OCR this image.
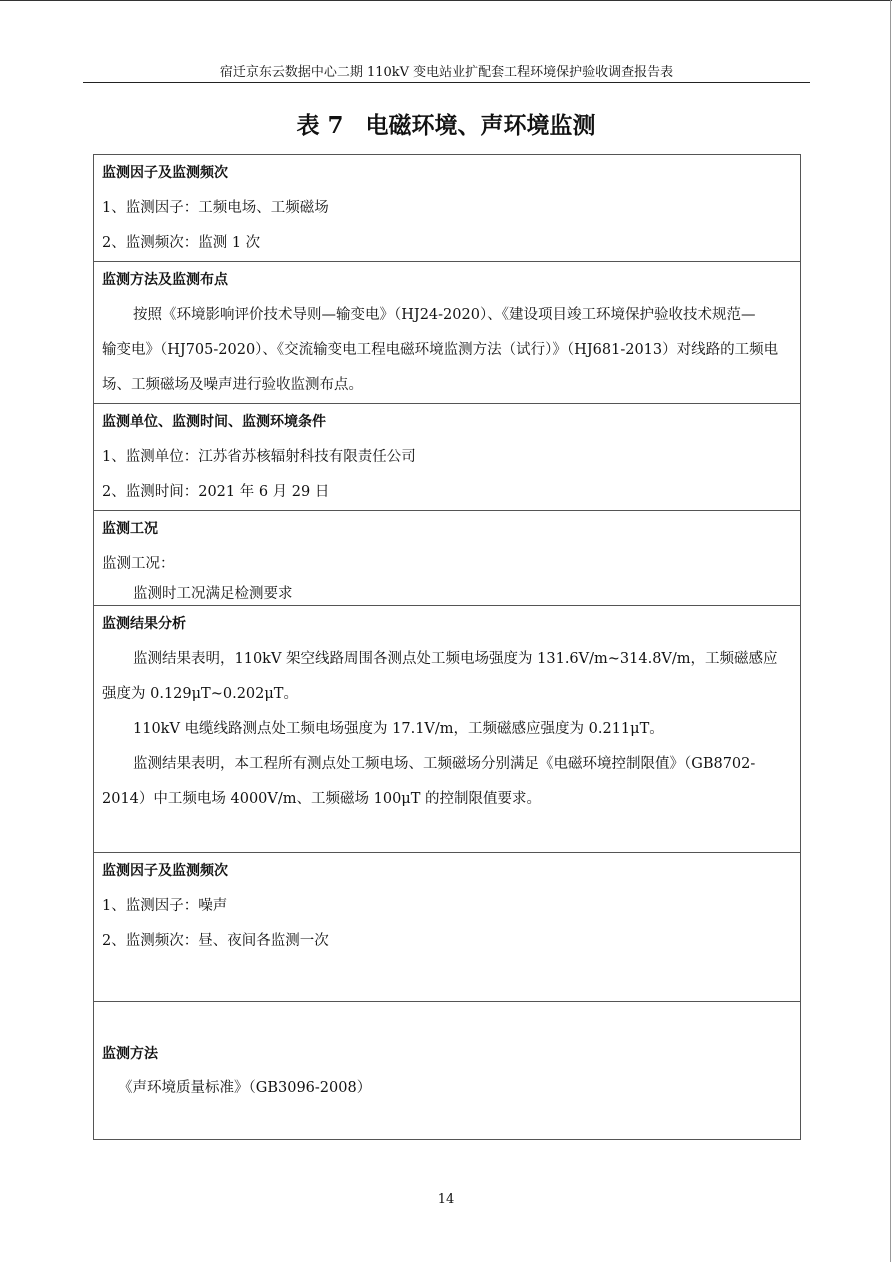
宿迁京东云数据中心二期 110kV 变电站业扩配套工程环境保护验收调查报告表
表 7 电磁环境、声环境监测
监测因子及监测频次
1、监测因子：工频电场、工频磁场
2、监测频次：监测 1 次
监测方法及监测布点
按照《环境影响评价技术导则—输变电》（HJ24-2020）、《建设项目竣工环境保护验收技术规范—
输变电》（HJ705-2020）、《交流输变电工程电磁环境监测方法（试行）》（HJ681-2013）对线路的工频电
场、工频磁场及噪声进行验收监测布点。
监测单位、监测时间、监测环境条件
1、监测单位：江苏省苏核辐射科技有限责任公司
2、监测时间：2021 年 6 月 29 日
监测工况
监测工况：
监测时工况满足检测要求
监测结果分析
监测结果表明，110kV 架空线路周围各测点处工频电场强度为 131.6V/m~314.8V/m，工频磁感应
强度为 0.129μT~0.202μT。
110kV 电缆线路测点处工频电场强度为 17.1V/m，工频磁感应强度为 0.211μT。
监测结果表明，本工程所有测点处工频电场、工频磁场分别满足《电磁环境控制限值》（GB8702-
2014）中工频电场 4000V/m、工频磁场 100μT 的控制限值要求。
监测因子及监测频次
1、监测因子：噪声
2、监测频次：昼、夜间各监测一次
监测方法
《声环境质量标准》（GB3096-2008）
14
